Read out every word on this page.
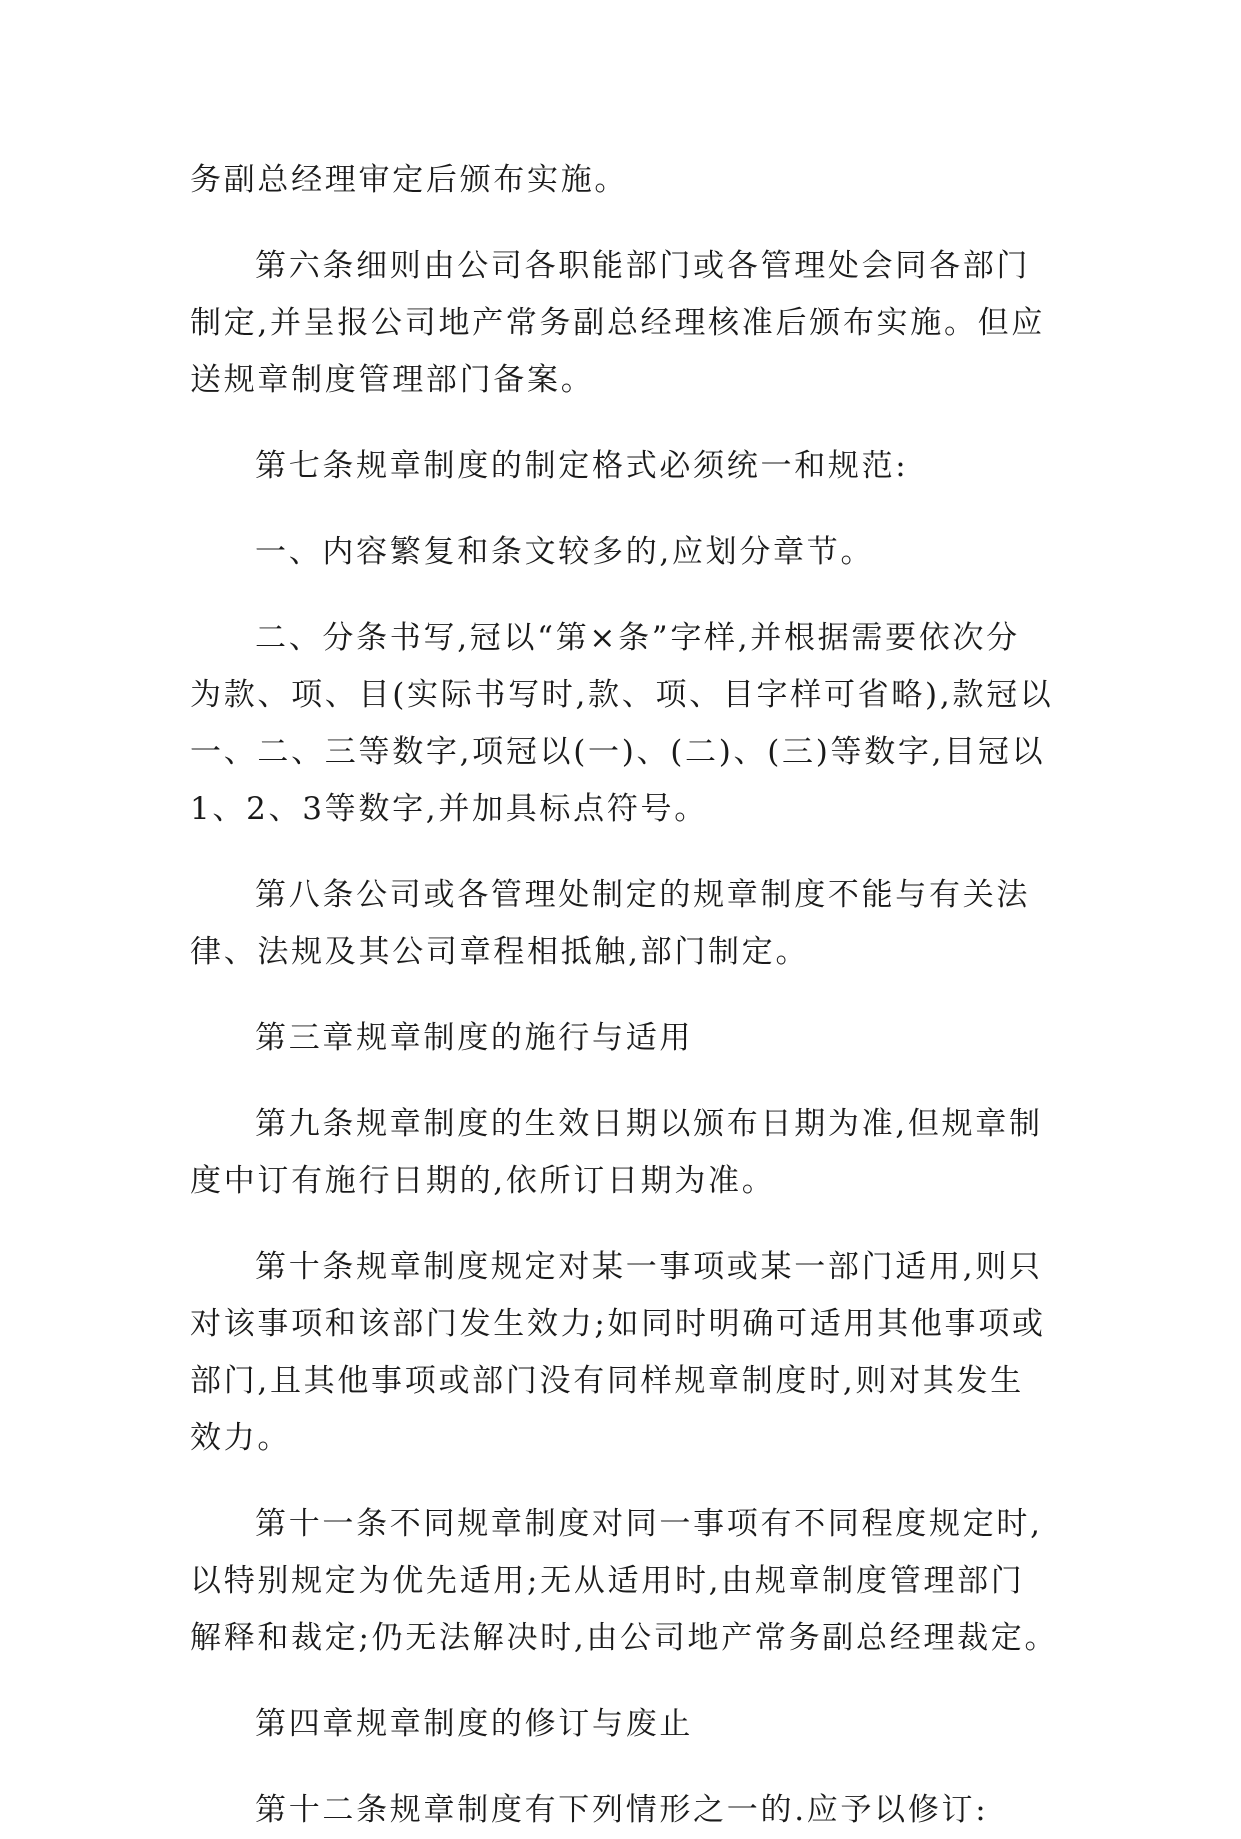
务副总经理审定后颁布实施。
第六条细则由公司各职能部门或各管理处会同各部门
制定,并呈报公司地产常务副总经理核准后颁布实施。但应
送规章制度管理部门备案。
第七条规章制度的制定格式必须统一和规范:
一、内容繁复和条文较多的,应划分章节。
二、分条书写,冠以“第×条”字样,并根据需要依次分
为款、项、目(实际书写时,款、项、目字样可省略),款冠以
一、二、三等数字,项冠以(一)、(二)、(三)等数字,目冠以
1、2、3等数字,并加具标点符号。
第八条公司或各管理处制定的规章制度不能与有关法
律、法规及其公司章程相抵触,部门制定。
第三章规章制度的施行与适用
第九条规章制度的生效日期以颁布日期为准,但规章制
度中订有施行日期的,依所订日期为准。
第十条规章制度规定对某一事项或某一部门适用,则只
对该事项和该部门发生效力;如同时明确可适用其他事项或
部门,且其他事项或部门没有同样规章制度时,则对其发生
效力。
第十一条不同规章制度对同一事项有不同程度规定时,
以特别规定为优先适用;无从适用时,由规章制度管理部门
解释和裁定;仍无法解决时,由公司地产常务副总经理裁定。
第四章规章制度的修订与废止
第十二条规章制度有下列情形之一的.应予以修订:
